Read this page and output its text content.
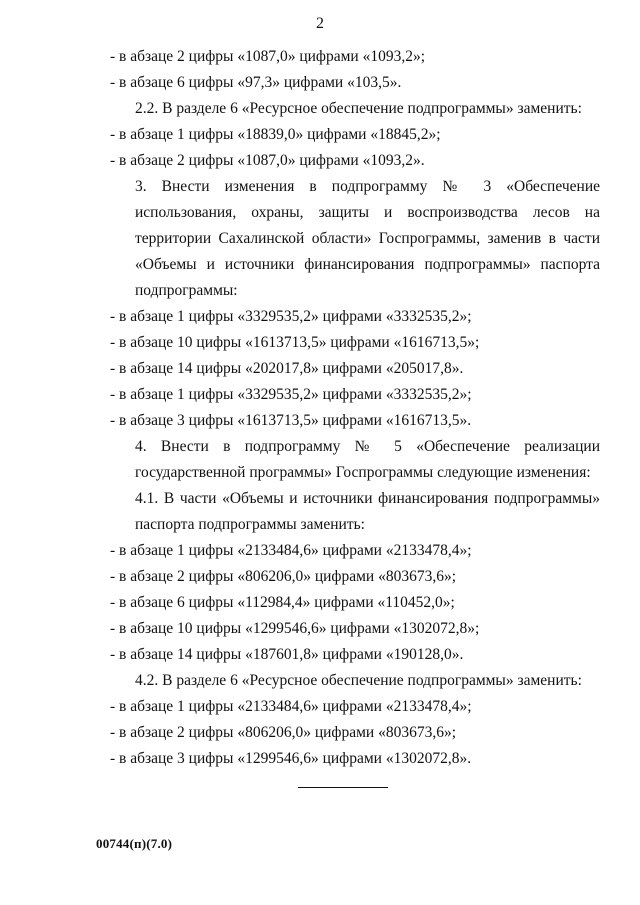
2

- в абзаце 2 цифры «1087,0» цифрами «1093,2»;

- в абзаце 6 цифры «97,3» цифрами «103,5».

2.2. В разделе 6 «Ресурсное обеспечение подпрограммы» заменить:

- в абзаце 1 цифры «18839,0» цифрами «18845,2»;

- в абзаце 2 цифры «1087,0» цифрами «1093,2».

3. Внести изменения в подпрограмму № 3 «Обеспечение использования, охраны, защиты и воспроизводства лесов на территории Сахалинской области» Госпрограммы, заменив в части «Объемы и источники финансирования подпрограммы» паспорта подпрограммы:

- в абзаце 1 цифры «3329535,2» цифрами «3332535,2»;

- в абзаце 10 цифры «1613713,5» цифрами «1616713,5»;

- в абзаце 14 цифры «202017,8» цифрами «205017,8».

- в абзаце 1 цифры «3329535,2» цифрами «3332535,2»;

- в абзаце 3 цифры «1613713,5» цифрами «1616713,5».

4. Внести в подпрограмму № 5 «Обеспечение реализации государственной программы» Госпрограммы следующие изменения:

4.1. В части «Объемы и источники финансирования подпрограммы» паспорта подпрограммы заменить:

- в абзаце 1 цифры «2133484,6» цифрами «2133478,4»;

- в абзаце 2 цифры «806206,0» цифрами «803673,6»;

- в абзаце 6 цифры «112984,4» цифрами «110452,0»;

- в абзаце 10 цифры «1299546,6» цифрами «1302072,8»;

- в абзаце 14 цифры «187601,8» цифрами «190128,0».

4.2. В разделе 6 «Ресурсное обеспечение подпрограммы» заменить:

- в абзаце 1 цифры «2133484,6» цифрами «2133478,4»;

- в абзаце 2 цифры «806206,0» цифрами «803673,6»;

- в абзаце 3 цифры «1299546,6» цифрами «1302072,8».

00744(п)(7.0)
